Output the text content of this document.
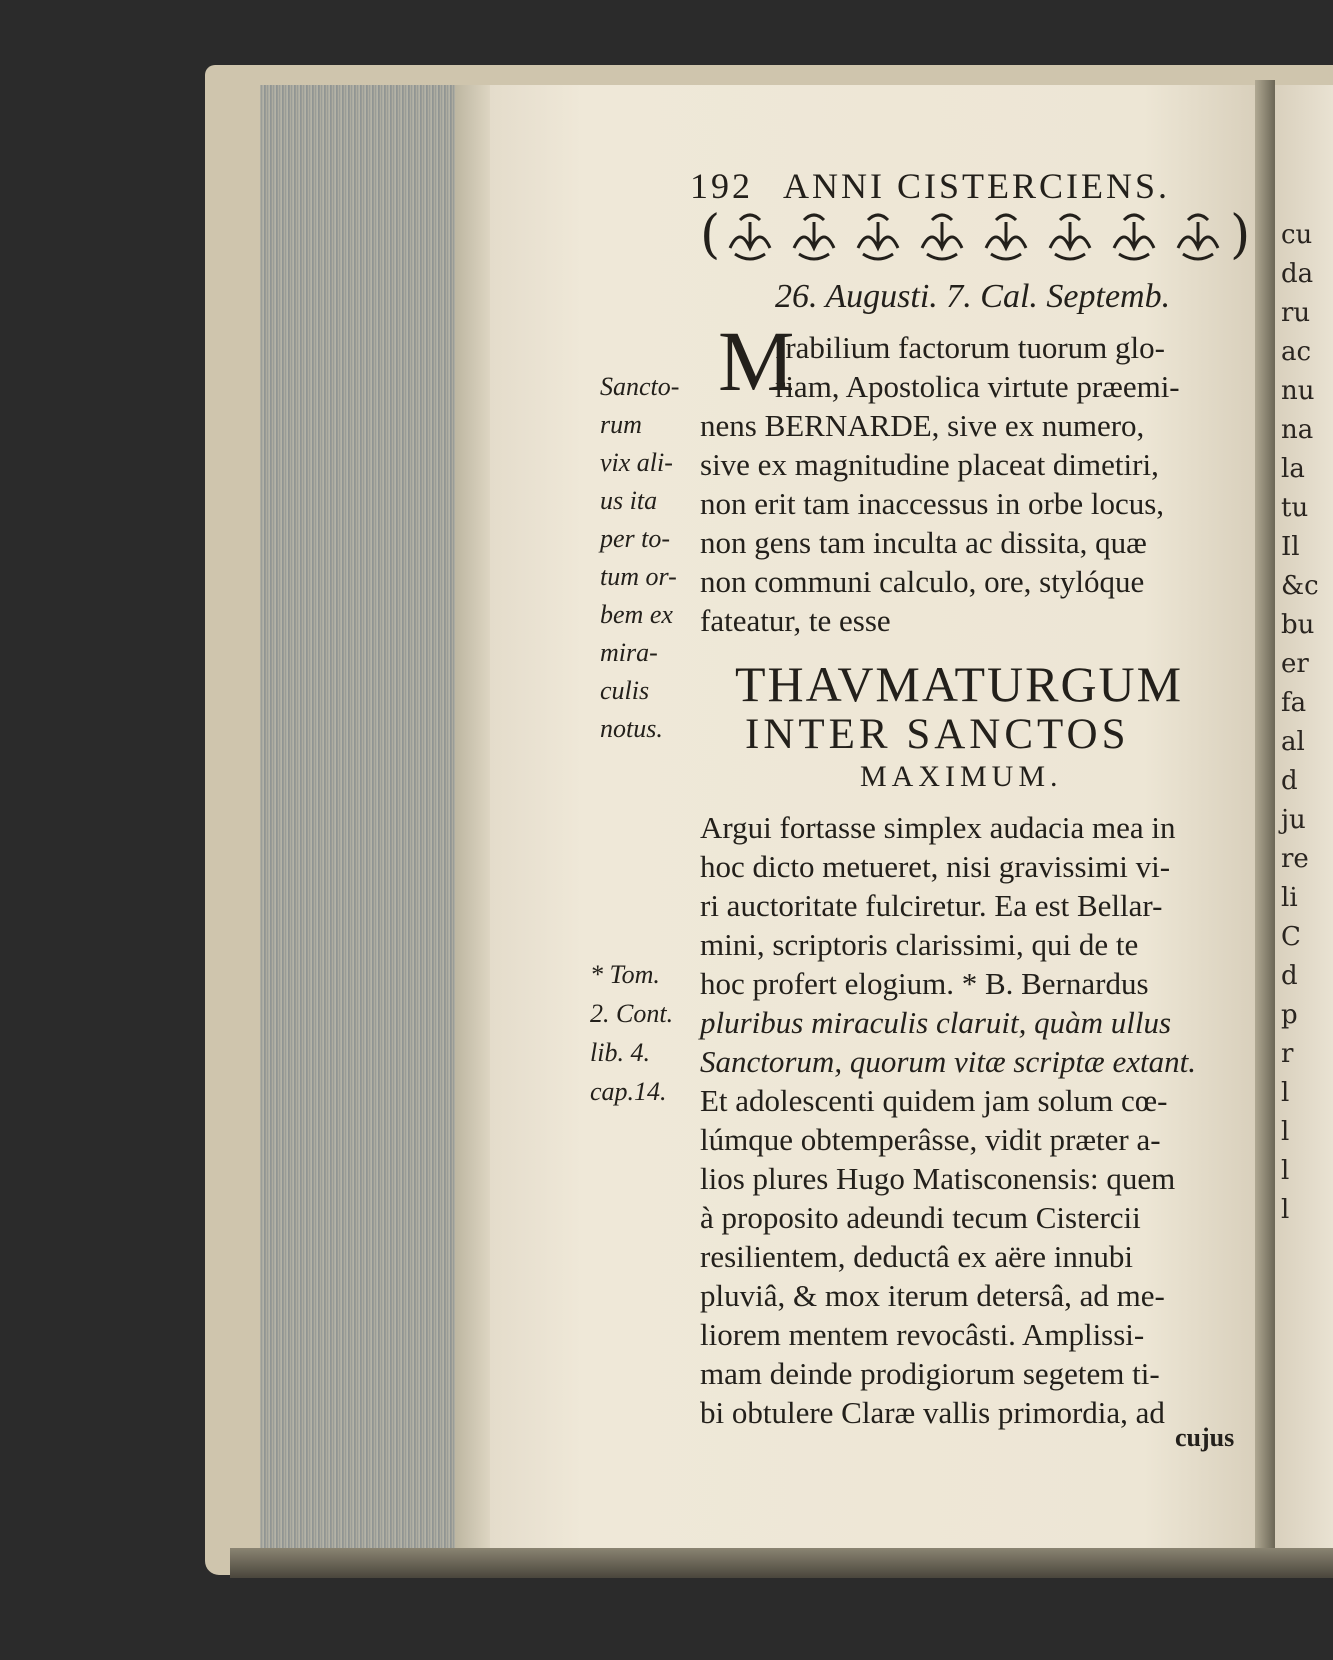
cu
da
ru
ac
nu
na
la
tu
Il
&c
bu
er
fa
al
d
ju
re
li
C
d
p
r
l
l
l
l
192 ANNI CISTERCIENS.
(	)
26. Augusti. 7. Cal. Septemb.
M
Irabilium factorum tuorum glo-
riam, Apostolica virtute præemi-
nens BERNARDE, sive ex numero,
sive ex magnitudine placeat dimetiri,
non erit tam inaccessus in orbe locus,
non gens tam inculta ac dissita, quæ
non communi calculo, ore, stylóque
fateatur, te esse
THAVMATURGUM
INTER SANCTOS
MAXIMUM.
Argui fortasse simplex audacia mea in
hoc dicto metueret, nisi gravissimi vi-
ri auctoritate fulciretur. Ea est Bellar-
mini, scriptoris clarissimi, qui de te
hoc profert elogium. * B. Bernardus
pluribus miraculis claruit, quàm ullus
Sanctorum, quorum vitæ scriptæ extant.
Et adolescenti quidem jam solum cœ-
lúmque obtemperâsse, vidit præter a-
lios plures Hugo Matisconensis: quem
à proposito adeundi tecum Cistercii
resilientem, deductâ ex aëre innubi
pluviâ, & mox iterum detersâ, ad me-
liorem mentem revocâsti. Amplissi-
mam deinde prodigiorum segetem ti-
bi obtulere Claræ vallis primordia, ad
Sancto-
rum
vix ali-
us ita
per to-
tum or-
bem ex
mira-
culis
notus.
* Tom.
2. Cont.
lib. 4.
cap.14.
cujus
